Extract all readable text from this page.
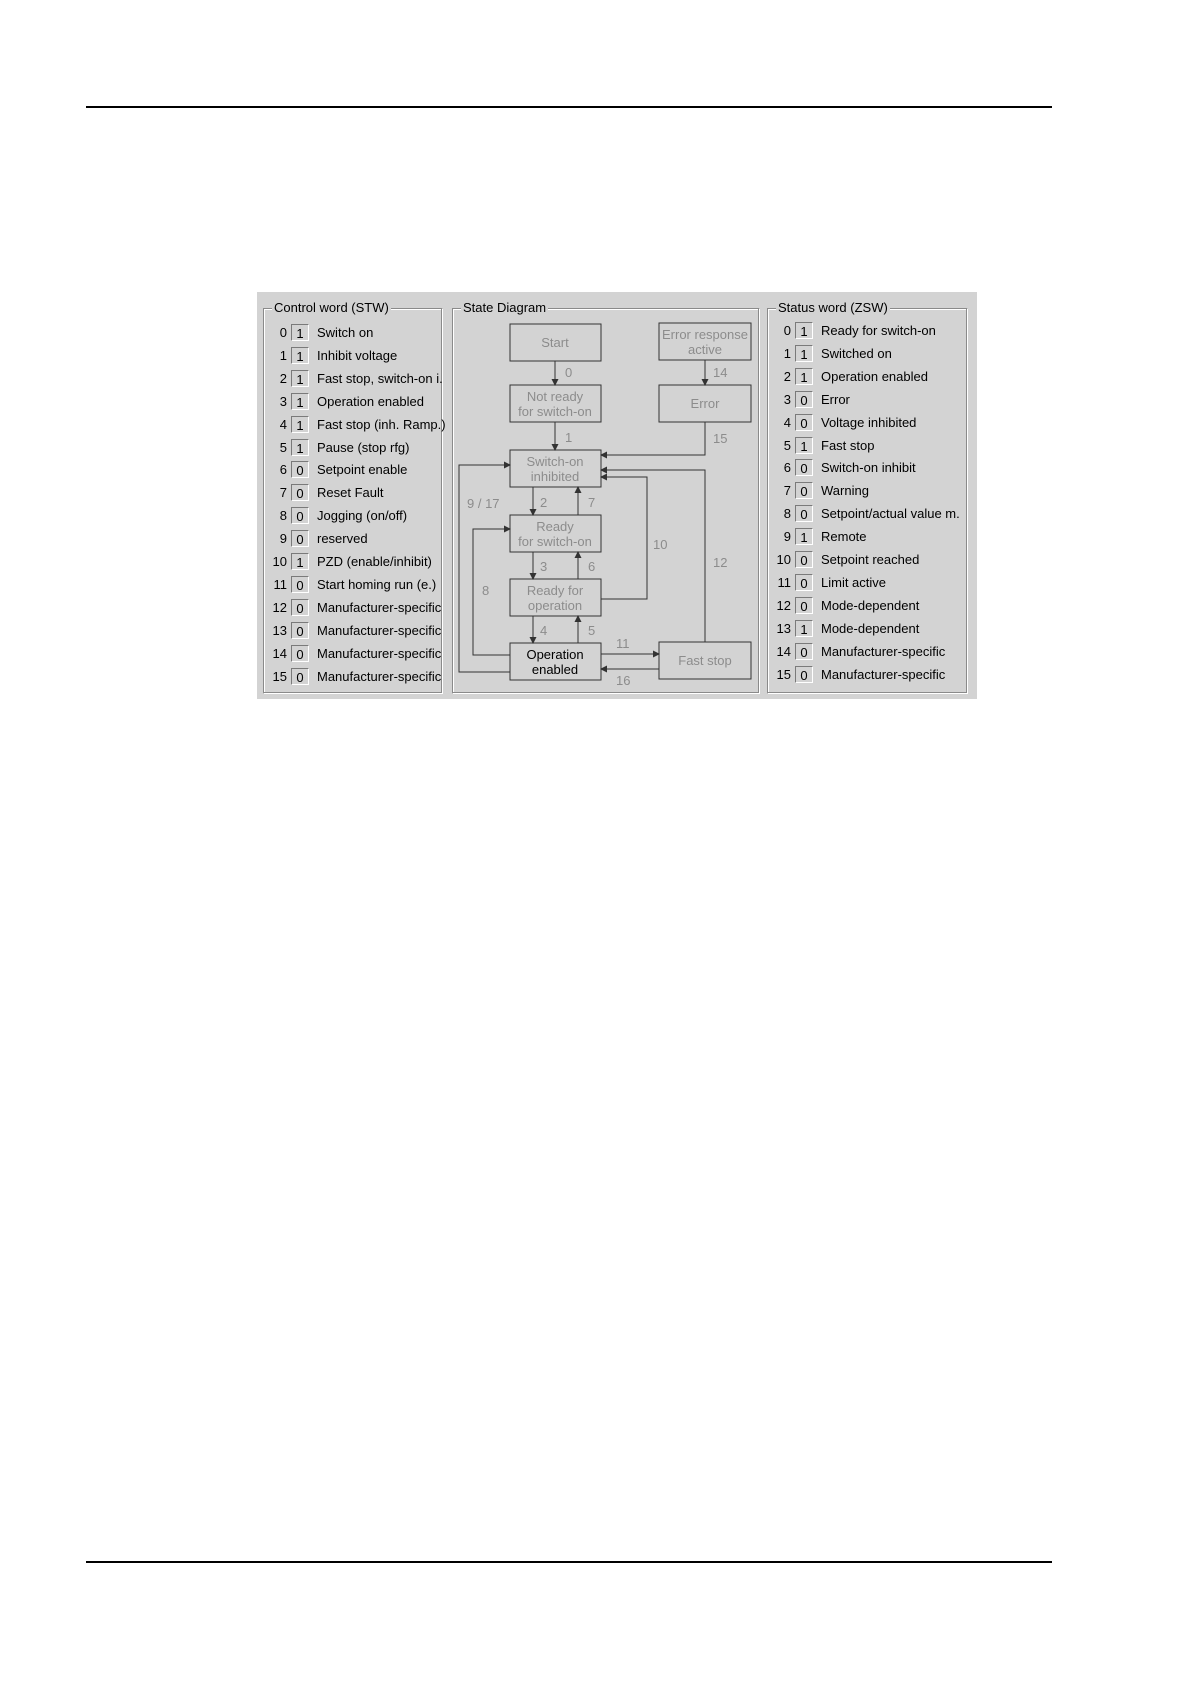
Control word (STW)
0 1	Switch on
1 1	Inhibit voltage
2 1	Fast stop, switch-on i.
3 1	Operation enabled
4 1	Fast stop (inh. Ramp.)
5 1	Pause (stop rfg)
6 0	Setpoint enable
7 0	Reset Fault
8 0	Jogging (on/off)
9 0	reserved
10 1	PZD (enable/inhibit)
11 0	Start homing run (e.)
12 0	Manufacturer-specific
13 0	Manufacturer-specific
14 0	Manufacturer-specific
15 0	Manufacturer-specific
State Diagram
Start
Not ready
for switch-on
Switch-on
inhibited
Ready
for switch-on
Ready for
operation
Operation
enabled
Fast stop
Error response
active
Error
0
1
2	7
9 / 17
10
12
3	6
8
4	5
11
16
14
15
Status word (ZSW)
0 1	Ready for switch-on
1 1	Switched on
2 1	Operation enabled
3 0	Error
4 0	Voltage inhibited
5 1	Fast stop
6 0	Switch-on inhibit
7 0	Warning
8 0	Setpoint/actual value m.
9 1	Remote
10 0	Setpoint reached
11 0	Limit active
12 0	Mode-dependent
13 1	Mode-dependent
14 0	Manufacturer-specific
15 0	Manufacturer-specific
